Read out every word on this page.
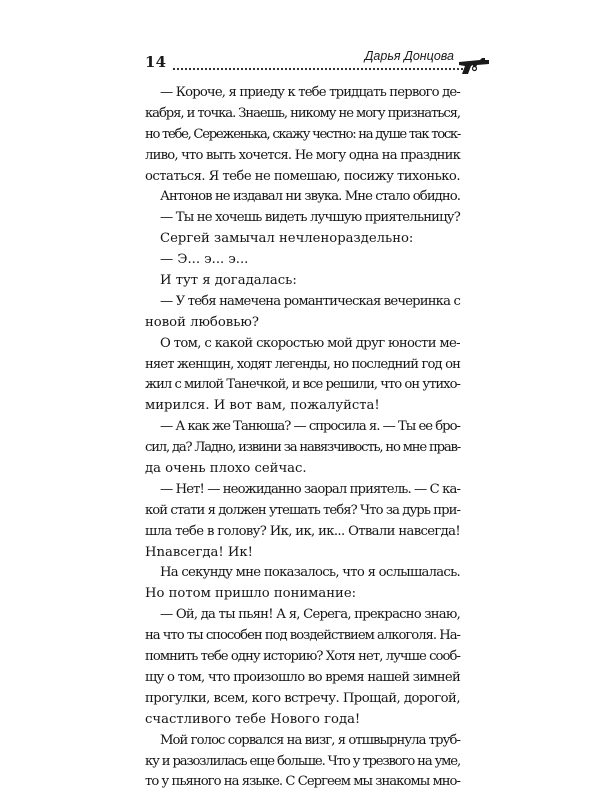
14	Дарья Донцова
— Короче, я приеду к тебе тридцать первого де-
кабря, и точка. Знаешь, никому не могу признаться,
но тебе, Сереженька, скажу честно: на душе так тоск-
ливо, что выть хочется. Не могу одна на праздник
остаться. Я тебе не помешаю, посижу тихонько.
Антонов не издавал ни звука. Мне стало обидно.
— Ты не хочешь видеть лучшую приятельницу?
Сергей замычал нечленораздельно:
— Э... э... э...
И тут я догадалась:
— У тебя намечена романтическая вечеринка с
новой любовью?
О том, с какой скоростью мой друг юности ме-
няет женщин, ходят легенды, но последний год он
жил с милой Танечкой, и все решили, что он утихо-
мирился. И вот вам, пожалуйста!
— А как же Танюша? — спросила я. — Ты ее бро-
сил, да? Ладно, извини за навязчивость, но мне прав-
да очень плохо сейчас.
— Нет! — неожиданно заорал приятель. — С ка-
кой стати я должен утешать тебя? Что за дурь при-
шла тебе в голову? Ик, ик, ик... Отвали навсегда!
Нnавсегда! Ик!
На секунду мне показалось, что я ослышалась.
Но потом пришло понимание:
— Ой, да ты пьян! А я, Серега, прекрасно знаю,
на что ты способен под воздействием алкоголя. На-
помнить тебе одну историю? Хотя нет, лучше сооб-
щу о том, что произошло во время нашей зимней
прогулки, всем, кого встречу. Прощай, дорогой,
счастливого тебе Нового года!
Мой голос сорвался на визг, я отшвырнула труб-
ку и разозлилась еще больше. Что у трезвого на уме,
то у пьяного на языке. С Сергеем мы знакомы мно-
